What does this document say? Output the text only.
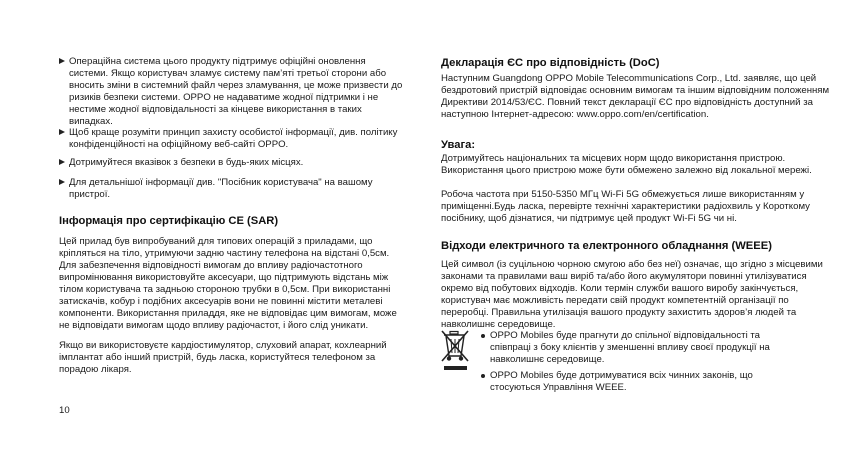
Операційна система цього продукту підтримує офіційні оновлення системи. Якщо користувач зламує систему пам’яті третьої сторони або вносить зміни в системний файл через зламування, це може призвести до ризиків безпеки системи. OPPO не надаватиме жодної підтримки і не нестиме жодної відповідальності за кінцеве використання в таких випадках.

Щоб краще розуміти принцип захисту особистої інформації, див. політику конфіденційності на офіційному веб-сайті OPPO.

Дотримуйтеся вказівок з безпеки в будь-яких місцях.

Для детальнішої інформації див. "Посібник користувача" на вашому пристрої.

Інформація про сертифікацію CE (SAR)

Цей прилад був випробуваний для типових операцій з приладами, що кріпляться на тіло, утримуючи задню частину телефона на відстані 0,5см. Для забезпечення відповідності вимогам до впливу радіочастотного випромінювання використовуйте аксесуари, що підтримують відстань між тілом користувача та задньою стороною трубки в 0,5см. При використанні затискачів, кобур і подібних аксесуарів вони не повинні містити металеві компоненти. Використання приладдя, яке не відповідає цим вимогам, може не відповідати вимогам щодо впливу радіочастот, і його слід уникати.

Якщо ви використовуєте кардіостимулятор, слуховий апарат, кохлеарний імплантат або інший пристрій, будь ласка, користуйтеся телефоном за порадою лікаря.

10

Декларація ЄС про відповідність (DoC)

Наступним Guangdong OPPO Mobile Telecommunications Corp., Ltd. заявляє, що цей бездротовий пристрій відповідає основним вимогам та іншим відповідним положенням Директиви 2014/53/ЄС. Повний текст декларації ЄС про відповідність доступний за наступною Інтернет-адресою: www.oppo.com/en/certification.

Увага:

Дотримуйтесь національних та місцевих норм щодо використання пристрою. Використання цього пристрою може бути обмежено залежно від локальної мережі.

Робоча частота при 5150-5350 МГц Wi-Fi 5G обмежується лише використанням у приміщенні.Будь ласка, перевірте технічні характеристики радіохвиль у Короткому посібнику, щоб дізнатися, чи підтримує цей продукт Wi-Fi 5G чи ні.

Відходи електричного та електронного обладнання (WEEE)

Цей символ (із суцільною чорною смугою або без неї) означає, що згідно з місцевими законами та правилами ваш виріб та/або його акумулятори повинні утилізуватися окремо від побутових відходів. Коли термін служби вашого виробу закінчується, користувач має можливість передати свій продукт компетентній організації по переробці. Правильна утилізація вашого продукту захистить здоров’я людей та навколишнє середовище.

OPPO Mobiles буде прагнути до спільної відповідальності та співпраці з боку клієнтів у зменшенні впливу своєї продукції на навколишнє середовище.

OPPO Mobiles буде дотримуватися всіх чинних законів, що стосуються Управління WEEE.
